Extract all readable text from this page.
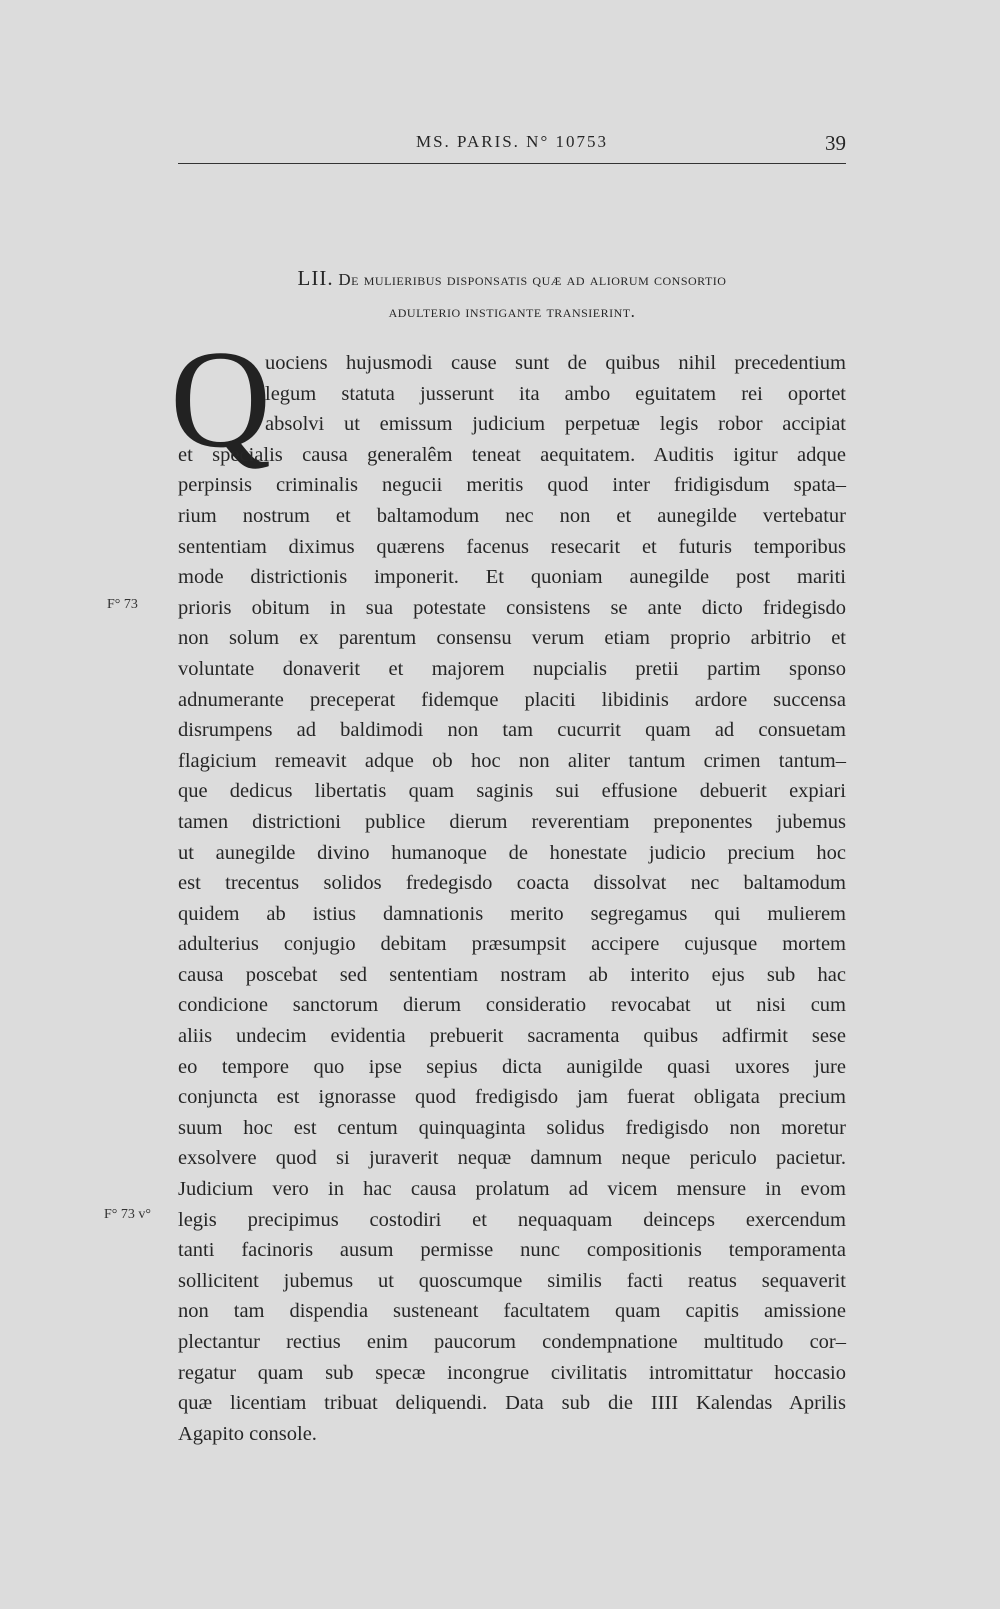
MS. PARIS. N° 10753	39
LII. De mulieribus disponsatis quæ ad aliorum consortio
adulterio instigante transierint.
Q
F° 73
F° 73 v°
uociens hujusmodi cause sunt de quibus nihil precedentium
legum statuta jusserunt ita ambo eguitatem rei oportet
absolvi ut emissum judicium perpetuæ legis robor accipiat
et specialis causa generalêm teneat aequitatem. Auditis igitur adque
perpinsis criminalis negucii meritis quod inter fridigisdum spata–
rium nostrum et baltamodum nec non et aunegilde vertebatur
sententiam diximus quærens facenus resecarit et futuris temporibus
mode districtionis imponerit. Et quoniam aunegilde post mariti
prioris obitum in sua potestate consistens se ante dicto fridegisdo
non solum ex parentum consensu verum etiam proprio arbitrio et
voluntate donaverit et majorem nupcialis pretii partim sponso
adnumerante preceperat fidemque placiti libidinis ardore succensa
disrumpens ad baldimodi non tam cucurrit quam ad consuetam
flagicium remeavit adque ob hoc non aliter tantum crimen tantum–
que dedicus libertatis quam saginis sui effusione debuerit expiari
tamen districtioni publice dierum reverentiam preponentes jubemus
ut aunegilde divino humanoque de honestate judicio precium hoc
est trecentus solidos fredegisdo coacta dissolvat nec baltamodum
quidem ab istius damnationis merito segregamus qui mulierem
adulterius conjugio debitam præsumpsit accipere cujusque mortem
causa poscebat sed sententiam nostram ab interito ejus sub hac
condicione sanctorum dierum consideratio revocabat ut nisi cum
aliis undecim evidentia prebuerit sacramenta quibus adfirmit sese
eo tempore quo ipse sepius dicta aunigilde quasi uxores jure
conjuncta est ignorasse quod fredigisdo jam fuerat obligata precium
suum hoc est centum quinquaginta solidus fredigisdo non moretur
exsolvere quod si juraverit nequæ damnum neque periculo pacietur.
Judicium vero in hac causa prolatum ad vicem mensure in evom
legis precipimus costodiri et nequaquam deinceps exercendum
tanti facinoris ausum permisse nunc compositionis temporamenta
sollicitent jubemus ut quoscumque similis facti reatus sequaverit
non tam dispendia susteneant facultatem quam capitis amissione
plectantur rectius enim paucorum condempnatione multitudo cor–
regatur quam sub specæ incongrue civilitatis intromittatur hoccasio
quæ licentiam tribuat deliquendi. Data sub die IIII Kalendas Aprilis
Agapito console.
